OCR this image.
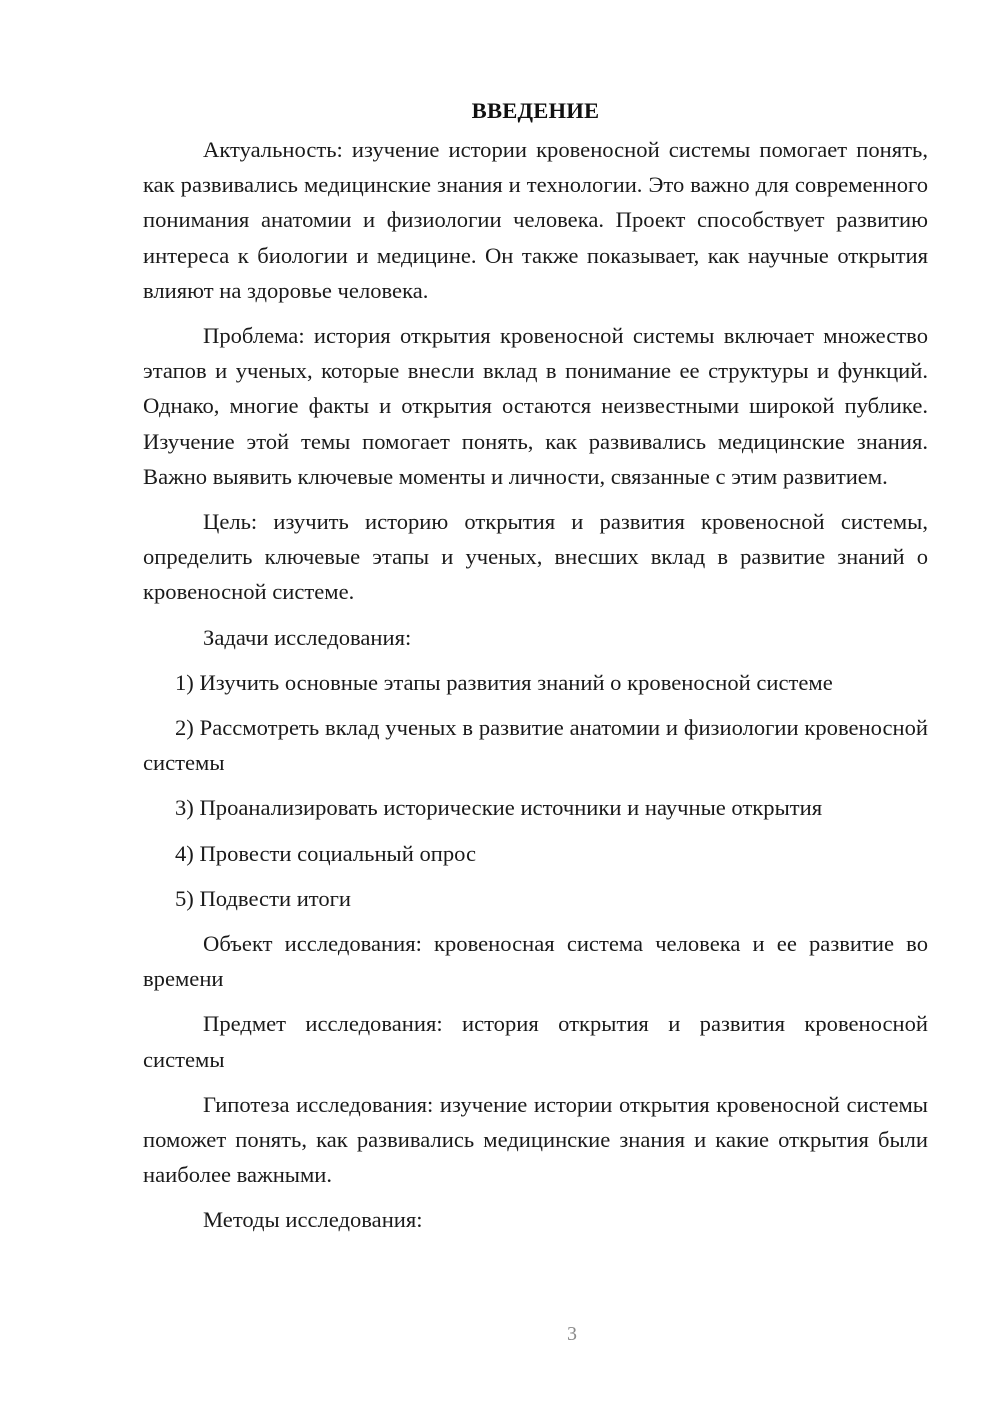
ВВЕДЕНИЕ

Актуальность: изучение истории кровеносной системы помогает понять, как развивались медицинские знания и технологии. Это важно для современного понимания анатомии и физиологии человека. Проект способствует развитию интереса к биологии и медицине. Он также показывает, как научные открытия влияют на здоровье человека.

Проблема: история открытия кровеносной системы включает множество этапов и ученых, которые внесли вклад в понимание ее структуры и функций. Однако, многие факты и открытия остаются неизвестными широкой публике. Изучение этой темы помогает понять, как развивались медицинские знания. Важно выявить ключевые моменты и личности, связанные с этим развитием.

Цель: изучить историю открытия и развития кровеносной системы, определить ключевые этапы и ученых, внесших вклад в развитие знаний о кровеносной системе.

Задачи исследования:

1) Изучить основные этапы развития знаний о кровеносной системе

2) Рассмотреть вклад ученых в развитие анатомии и физиологии кровеносной системы

3) Проанализировать исторические источники и научные открытия

4) Провести социальный опрос

5) Подвести итоги

Объект исследования: кровеносная система человека и ее развитие во времени

Предмет исследования: история открытия и развития кровеносной системы

Гипотеза исследования: изучение истории открытия кровеносной системы поможет понять, как развивались медицинские знания и какие открытия были наиболее важными.

Методы исследования:

3
